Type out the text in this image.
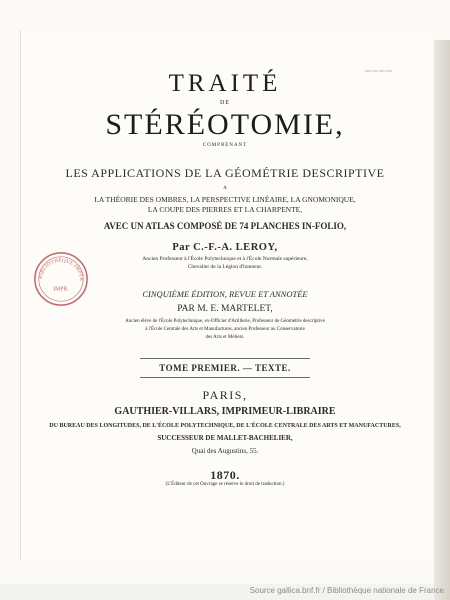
▬▬▬▬

TRAITÉ

DE

STÉRÉOTOMIE,

COMPRENANT

LES APPLICATIONS DE LA GÉOMÉTRIE DESCRIPTIVE

A

LA THÉORIE DES OMBRES, LA PERSPECTIVE LINÉAIRE, LA GNOMONIQUE,

LA COUPE DES PIERRES ET LA CHARPENTE,

AVEC UN ATLAS COMPOSÉ DE 74 PLANCHES IN-FOLIO,

Par C.-F.-A. LEROY,

Ancien Professeur à l'École Polytechnique et à l'École Normale supérieure,

Chevalier de la Légion d'honneur.

CINQUIÈME ÉDITION, REVUE ET ANNOTÉE

PAR M. E. MARTELET,

Ancien élève de l'École Polytechnique, ex-Officier d'Artillerie, Professeur de Géométrie descriptive

à l'École Centrale des Arts et Manufactures, ancien Professeur au Conservatoire

des Arts et Métiers.

TOME PREMIER. — TEXTE.

PARIS,

GAUTHIER-VILLARS, IMPRIMEUR-LIBRAIRE

DU BUREAU DES LONGITUDES, DE L'ÉCOLE POLYTECHNIQUE, DE L'ÉCOLE CENTRALE DES ARTS ET MANUFACTURES,

SUCCESSEUR DE MALLET-BACHELIER,

Quai des Augustins, 55.

1870.

(L'Éditeur de cet Ouvrage se réserve le droit de traduction.)

BIBLIOTHÈQUE IMPÉR
IMPR.
Source gallica.bnf.fr / Bibliothèque nationale de France
